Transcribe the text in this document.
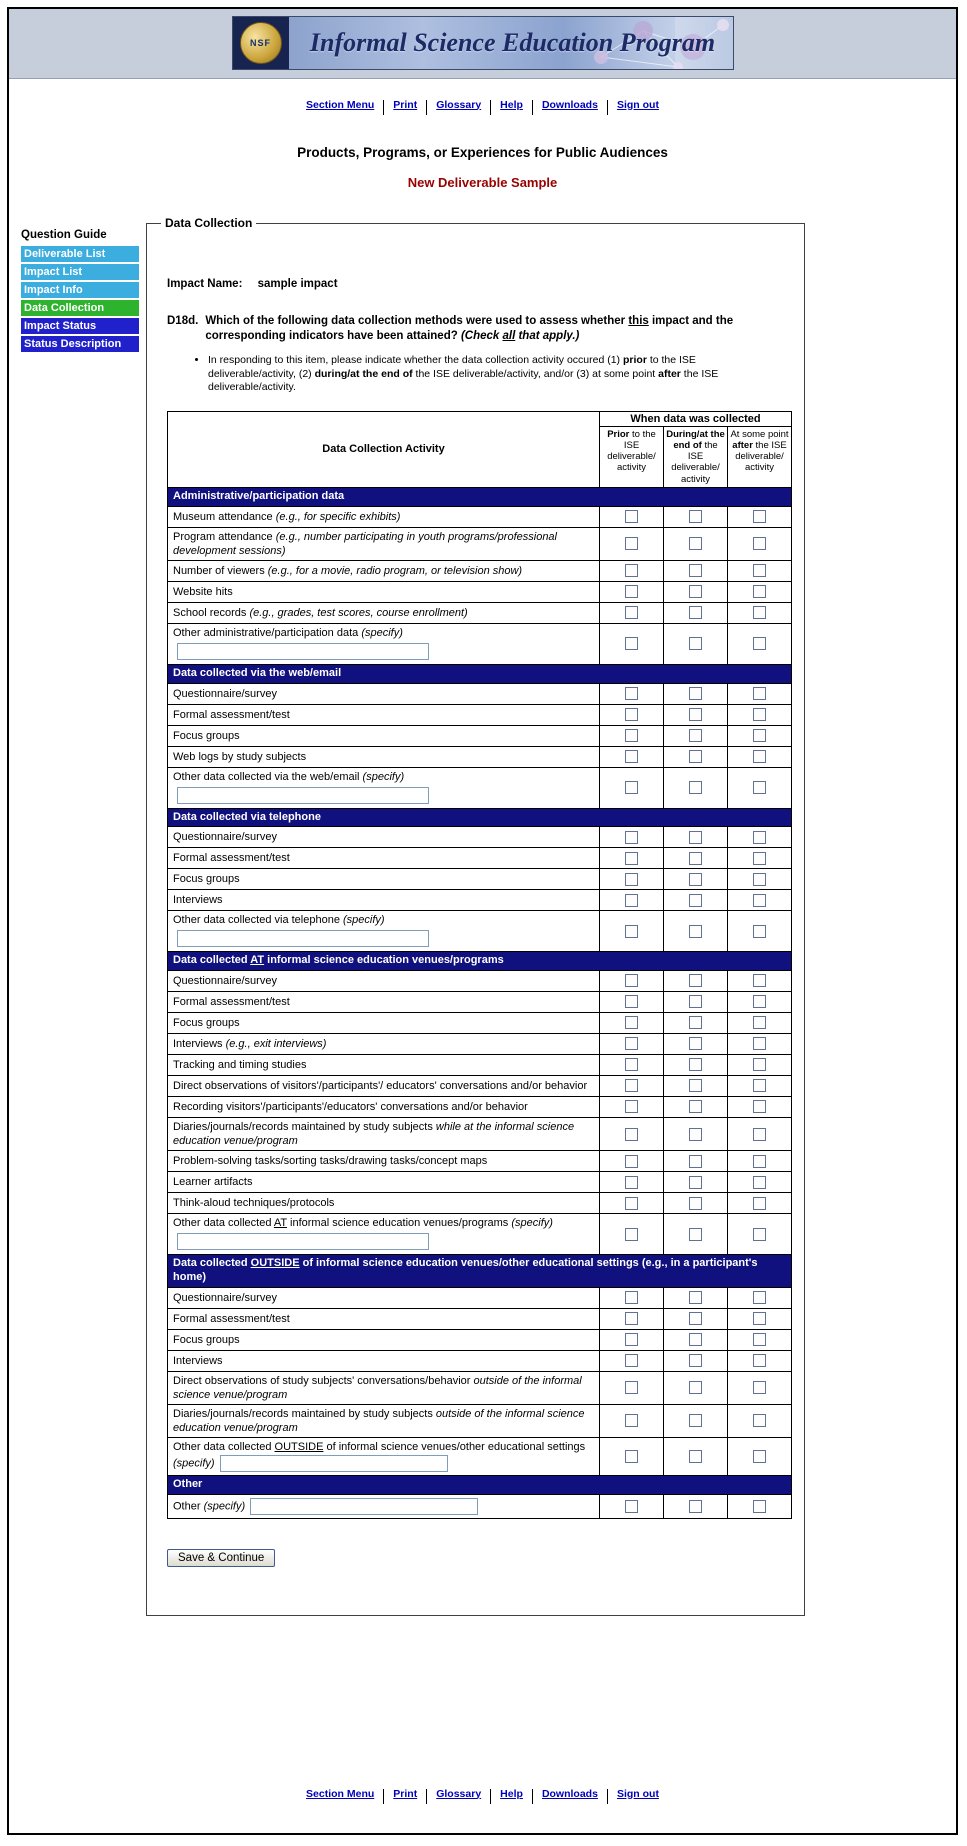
NSF	Informal Science Education Program
Section Menu Print Glossary Help Downloads Sign out
Products, Programs, or Experiences for Public Audiences
New Deliverable Sample
Question Guide
Deliverable List
Impact List
Impact Info
Data Collection
Impact Status
Status Description
Data Collection
Impact Name: sample impact
D18d. Which of the following data collection methods were used to assess whether this impact and the corresponding indicators have been attained? (Check all that apply.)
• In responding to this item, please indicate whether the data collection activity occured (1) prior to the ISE deliverable/activity, (2) during/at the end of the ISE deliverable/activity, and/or (3) at some point after the ISE deliverable/activity.
Data Collection Activity	When data was collected		
	Prior to the ISE deliverable/activity	During/at the end of the ISE deliverable/activity	At some point after the ISE deliverable/activity
Administrative/participation data			
Museum attendance (e.g., for specific exhibits)			
Program attendance (e.g., number participating in youth programs/professional development sessions)			
Number of viewers (e.g., for a movie, radio program, or television show)			
Website hits			
School records (e.g., grades, test scores, course enrollment)			
Other administrative/participation data (specify)

Data collected via the web/email			
Questionnaire/survey			
Formal assessment/test			
Focus groups			
Web logs by study subjects			
Other data collected via the web/email (specify)

Data collected via telephone			
Questionnaire/survey			
Formal assessment/test			
Focus groups			
Interviews			
Other data collected via telephone (specify)

Data collected AT informal science education venues/programs			
Questionnaire/survey			
Formal assessment/test			
Focus groups			
Interviews (e.g., exit interviews)			
Tracking and timing studies			
Direct observations of visitors'/participants'/ educators' conversations and/or behavior			
Recording visitors'/participants'/educators' conversations and/or behavior			
Diaries/journals/records maintained by study subjects while at the informal science education venue/program			
Problem-solving tasks/sorting tasks/drawing tasks/concept maps			
Learner artifacts			
Think-aloud techniques/protocols			
Other data collected AT informal science education venues/programs (specify)

Data collected OUTSIDE of informal science education venues/other educational settings (e.g., in a participant's home)			
Questionnaire/survey			
Formal assessment/test			
Focus groups			
Interviews			
Direct observations of study subjects' conversations/behavior outside of the informal science venue/program			
Diaries/journals/records maintained by study subjects outside of the informal science education venue/program			
Other data collected OUTSIDE of informal science venues/other educational settings (specify)			
Other			
Other (specify)			
Save & Continue
Section Menu Print Glossary Help Downloads Sign out
